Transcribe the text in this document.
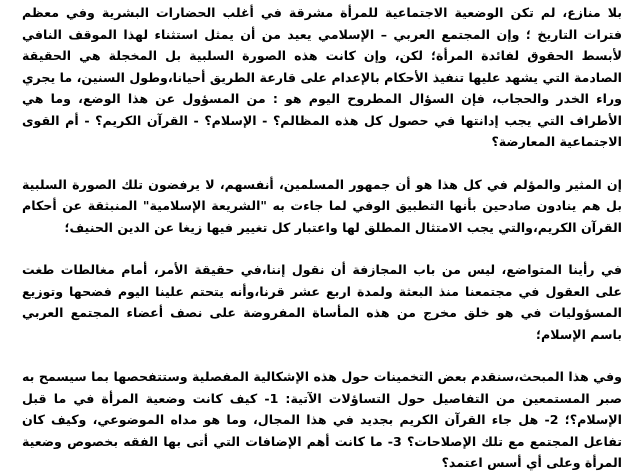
بلا منازع، لم تكن الوضعية الاجتماعية للمرأة مشرقة في أغلب الحضارات البشرية وفي معظم فترات التاريخ ؛ وإن المجتمع العربي – الإسلامي يعيد من أن يمثل استثناء لهذا الموقف النافي لأبسط الحقوق لفائدة المرأة؛ لكن، وإن كانت هذه الصورة السلبية بل المخجلة هي الحقيقة الصادمة التي يشهد عليها تنفيذ الأحكام بالإعدام على قارعة الطريق أحيانا،وطول السنين، ما يجري وراء الخدر والحجاب، فإن السؤال المطروح اليوم هو : من المسؤول عن هذا الوضع، وما هي الأطراف التي يجب إدانتها في حصول كل هذه المظالم؟ - الإسلام؟ - القرآن الكريم؟ - أم القوى الاجتماعية المعارضة؟

إن المثير والمؤلم في كل هذا هو أن جمهور المسلمين، أنفسهم، لا يرفضون تلك الصورة السلبية بل هم ينادون صادحين بأنها التطبيق الوفي لما جاءت به "الشريعة الإسلامية" المنبثقة عن أحكام القرآن الكريم،والتي يجب الامتثال المطلق لها واعتبار كل تغيير فيها زيغا عن الدين الحنيف؛

في رأينا المتواضع، ليس من باب المجازفة أن نقول إننا،في حقيقة الأمر، أمام مغالطات طغت على العقول في مجتمعنا منذ البعثة ولمدة اربع عشر قرنا،وأنه يتحتم علينا اليوم فضحها وتوزيع المسؤوليات في هو خلق مخرج من هذه المأساة المفروضة على نصف أعضاء المجتمع العربي باسم الإسلام؛

وفي هذا المبحث،سنقدم بعض التخمينات حول هذه الإشكالية المفصلية وستتفحصها بما سيسمح به صبر المستمعين من التفاصيل حول التساؤلات الآتية: 1- كيف كانت وضعية المرأة في ما قبل الإسلام؟؛ 2- هل جاء القرآن الكريم بجديد في هذا المجال، وما هو مداه الموضوعي، وكيف كان تفاعل المجتمع مع تلك الإصلاحات؟ 3- ما كانت أهم الإضافات التي أتى بها الفقه بخصوص وضعية المرأة وعلى أي أسس اعتمد؟
